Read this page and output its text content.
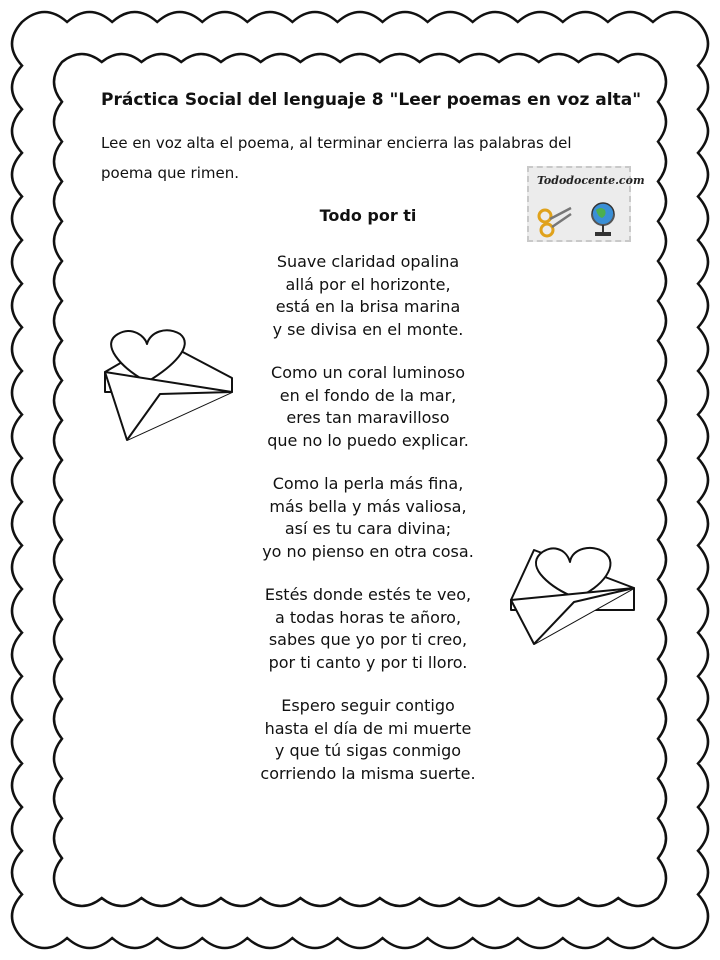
Práctica Social del lenguaje 8 "Leer poemas en voz alta"

Lee en voz alta el poema, al terminar encierra las palabras del poema que rimen.	Tododocente.com
Todo por ti
Suave claridad opalina
allá por el horizonte,
está en la brisa marina
y se divisa en el monte.
Como un coral luminoso
en el fondo de la mar,
eres tan maravilloso
que no lo puedo explicar.
Como la perla más fina,
más bella y más valiosa,
así es tu cara divina;
yo no pienso en otra cosa.
Estés donde estés te veo,
a todas horas te añoro,
sabes que yo por ti creo,
por ti canto y por ti lloro.
Espero seguir contigo
hasta el día de mi muerte
y que tú sigas conmigo
corriendo la misma suerte.
